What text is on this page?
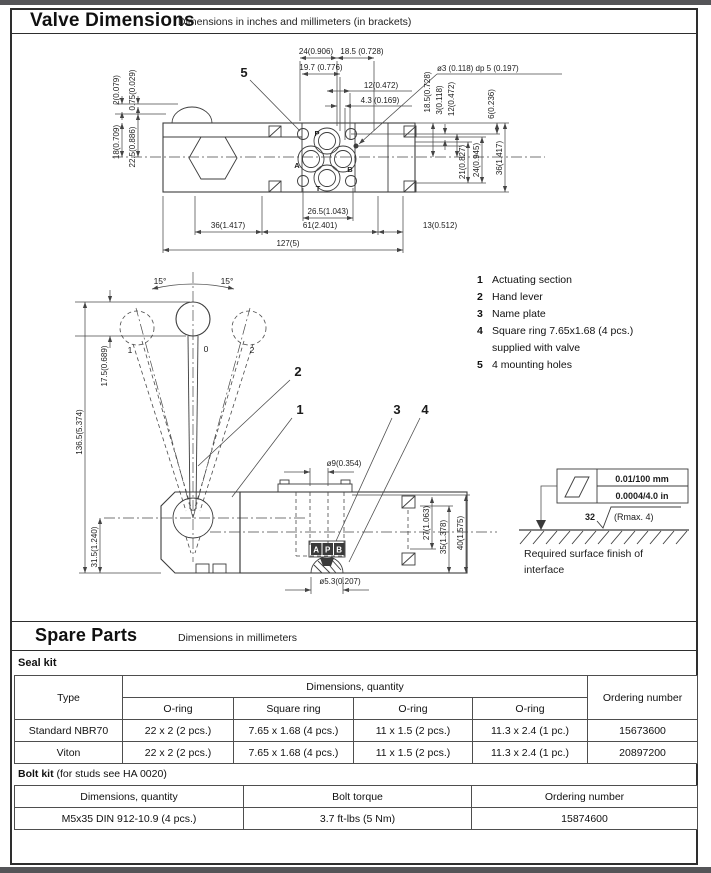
Valve Dimensions
Dimensions in inches and millimeters (in brackets)
P
A	B
T
24(0.906) 18.5 (0.728)
19.7 (0.776)
12(0.472)
4.3 (0.169)
ø3 (0.118) dp 5 (0.197)
2(0.079) 0.75(0.029)
18(0.709) 22.5(0.886)
18.5(0.728) 3(0.118) 12(0.472)	6(0.236)
21(0.827) 24(0.945) 36(1.417)
26.5(1.043)
36(1.417)	61(2.401)	13(0.512)
127(5)
5
15°	15°
1	0	2
17.5(0.689)
136.5(5.374)
31.5(1.240)	A P B
27(1.063) 35(1.378) 40(1.575)
ø9(0.354)
ø5.3(0.207)
2
1	3 4
0.01/100 mm
0.0004/4.0 in
32 (Rmax. 4)
Required surface finish of
interface
1 Actuating section
2 Hand lever
3 Name plate
4 Square ring 7.65x1.68 (4 pcs.)
supplied with valve
5 4 mounting holes
Spare Parts	Dimensions in millimeters
Seal kit
Type	Dimensions, quantity				Ordering number
	O-ring	Square ring	O-ring	O-ring	
Standard NBR70	22 x 2 (2 pcs.)	7.65 x 1.68 (4 pcs.)	11 x 1.5 (2 pcs.)	11.3 x 2.4 (1 pc.)	15673600
Viton	22 x 2 (2 pcs.)	7.65 x 1.68 (4 pcs.)	11 x 1.5 (2 pcs.)	11.3 x 2.4 (1 pc.)	20897200
Bolt kit (for studs see HA 0020)
Dimensions, quantity	Bolt torque	Ordering number
M5x35 DIN 912-10.9 (4 pcs.)	3.7 ft-lbs (5 Nm)	15874600
